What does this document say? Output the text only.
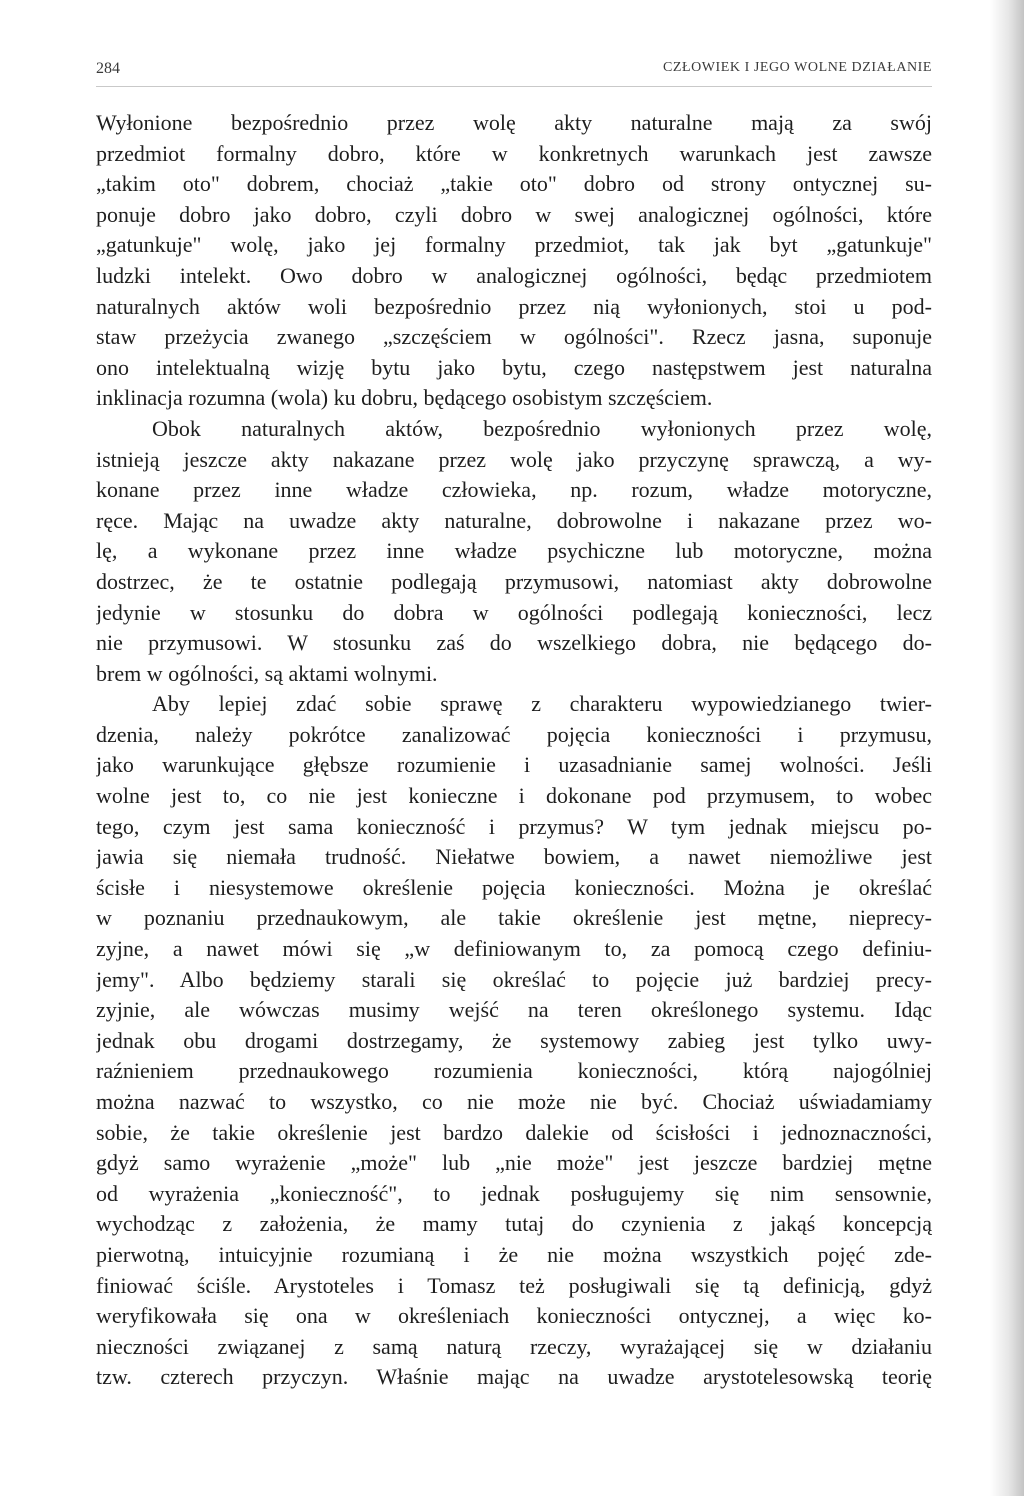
284	CZŁOWIEK I JEGO WOLNE DZIAŁANIE
Wyłonione bezpośrednio przez wolę akty naturalne mają za swój
przedmiot formalny dobro, które w konkretnych warunkach jest zawsze
„takim oto" dobrem, chociaż „takie oto" dobro od strony ontycznej su-
ponuje dobro jako dobro, czyli dobro w swej analogicznej ogólności, które
„gatunkuje" wolę, jako jej formalny przedmiot, tak jak byt „gatunkuje"
ludzki intelekt. Owo dobro w analogicznej ogólności, będąc przedmiotem
naturalnych aktów woli bezpośrednio przez nią wyłonionych, stoi u pod-
staw przeżycia zwanego „szczęściem w ogólności". Rzecz jasna, suponuje
ono intelektualną wizję bytu jako bytu, czego następstwem jest naturalna
inklinacja rozumna (wola) ku dobru, będącego osobistym szczęściem.
Obok naturalnych aktów, bezpośrednio wyłonionych przez wolę,
istnieją jeszcze akty nakazane przez wolę jako przyczynę sprawczą, a wy-
konane przez inne władze człowieka, np. rozum, władze motoryczne,
ręce. Mając na uwadze akty naturalne, dobrowolne i nakazane przez wo-
lę, a wykonane przez inne władze psychiczne lub motoryczne, można
dostrzec, że te ostatnie podlegają przymusowi, natomiast akty dobrowolne
jedynie w stosunku do dobra w ogólności podlegają konieczności, lecz
nie przymusowi. W stosunku zaś do wszelkiego dobra, nie będącego do-
brem w ogólności, są aktami wolnymi.
Aby lepiej zdać sobie sprawę z charakteru wypowiedzianego twier-
dzenia, należy pokrótce zanalizować pojęcia konieczności i przymusu,
jako warunkujące głębsze rozumienie i uzasadnianie samej wolności. Jeśli
wolne jest to, co nie jest konieczne i dokonane pod przymusem, to wobec
tego, czym jest sama konieczność i przymus? W tym jednak miejscu po-
jawia się niemała trudność. Niełatwe bowiem, a nawet niemożliwe jest
ścisłe i niesystemowe określenie pojęcia konieczności. Można je określać
w poznaniu przednaukowym, ale takie określenie jest mętne, nieprecy-
zyjne, a nawet mówi się „w definiowanym to, za pomocą czego definiu-
jemy". Albo będziemy starali się określać to pojęcie już bardziej precy-
zyjnie, ale wówczas musimy wejść na teren określonego systemu. Idąc
jednak obu drogami dostrzegamy, że systemowy zabieg jest tylko uwy-
raźnieniem przednaukowego rozumienia konieczności, którą najogólniej
można nazwać to wszystko, co nie może nie być. Chociaż uświadamiamy
sobie, że takie określenie jest bardzo dalekie od ścisłości i jednoznaczności,
gdyż samo wyrażenie „może" lub „nie może" jest jeszcze bardziej mętne
od wyrażenia „konieczność", to jednak posługujemy się nim sensownie,
wychodząc z założenia, że mamy tutaj do czynienia z jakąś koncepcją
pierwotną, intuicyjnie rozumianą i że nie można wszystkich pojęć zde-
finiować ściśle. Arystoteles i Tomasz też posługiwali się tą definicją, gdyż
weryfikowała się ona w określeniach konieczności ontycznej, a więc ko-
nieczności związanej z samą naturą rzeczy, wyrażającej się w działaniu
tzw. czterech przyczyn. Właśnie mając na uwadze arystotelesowską teorię
